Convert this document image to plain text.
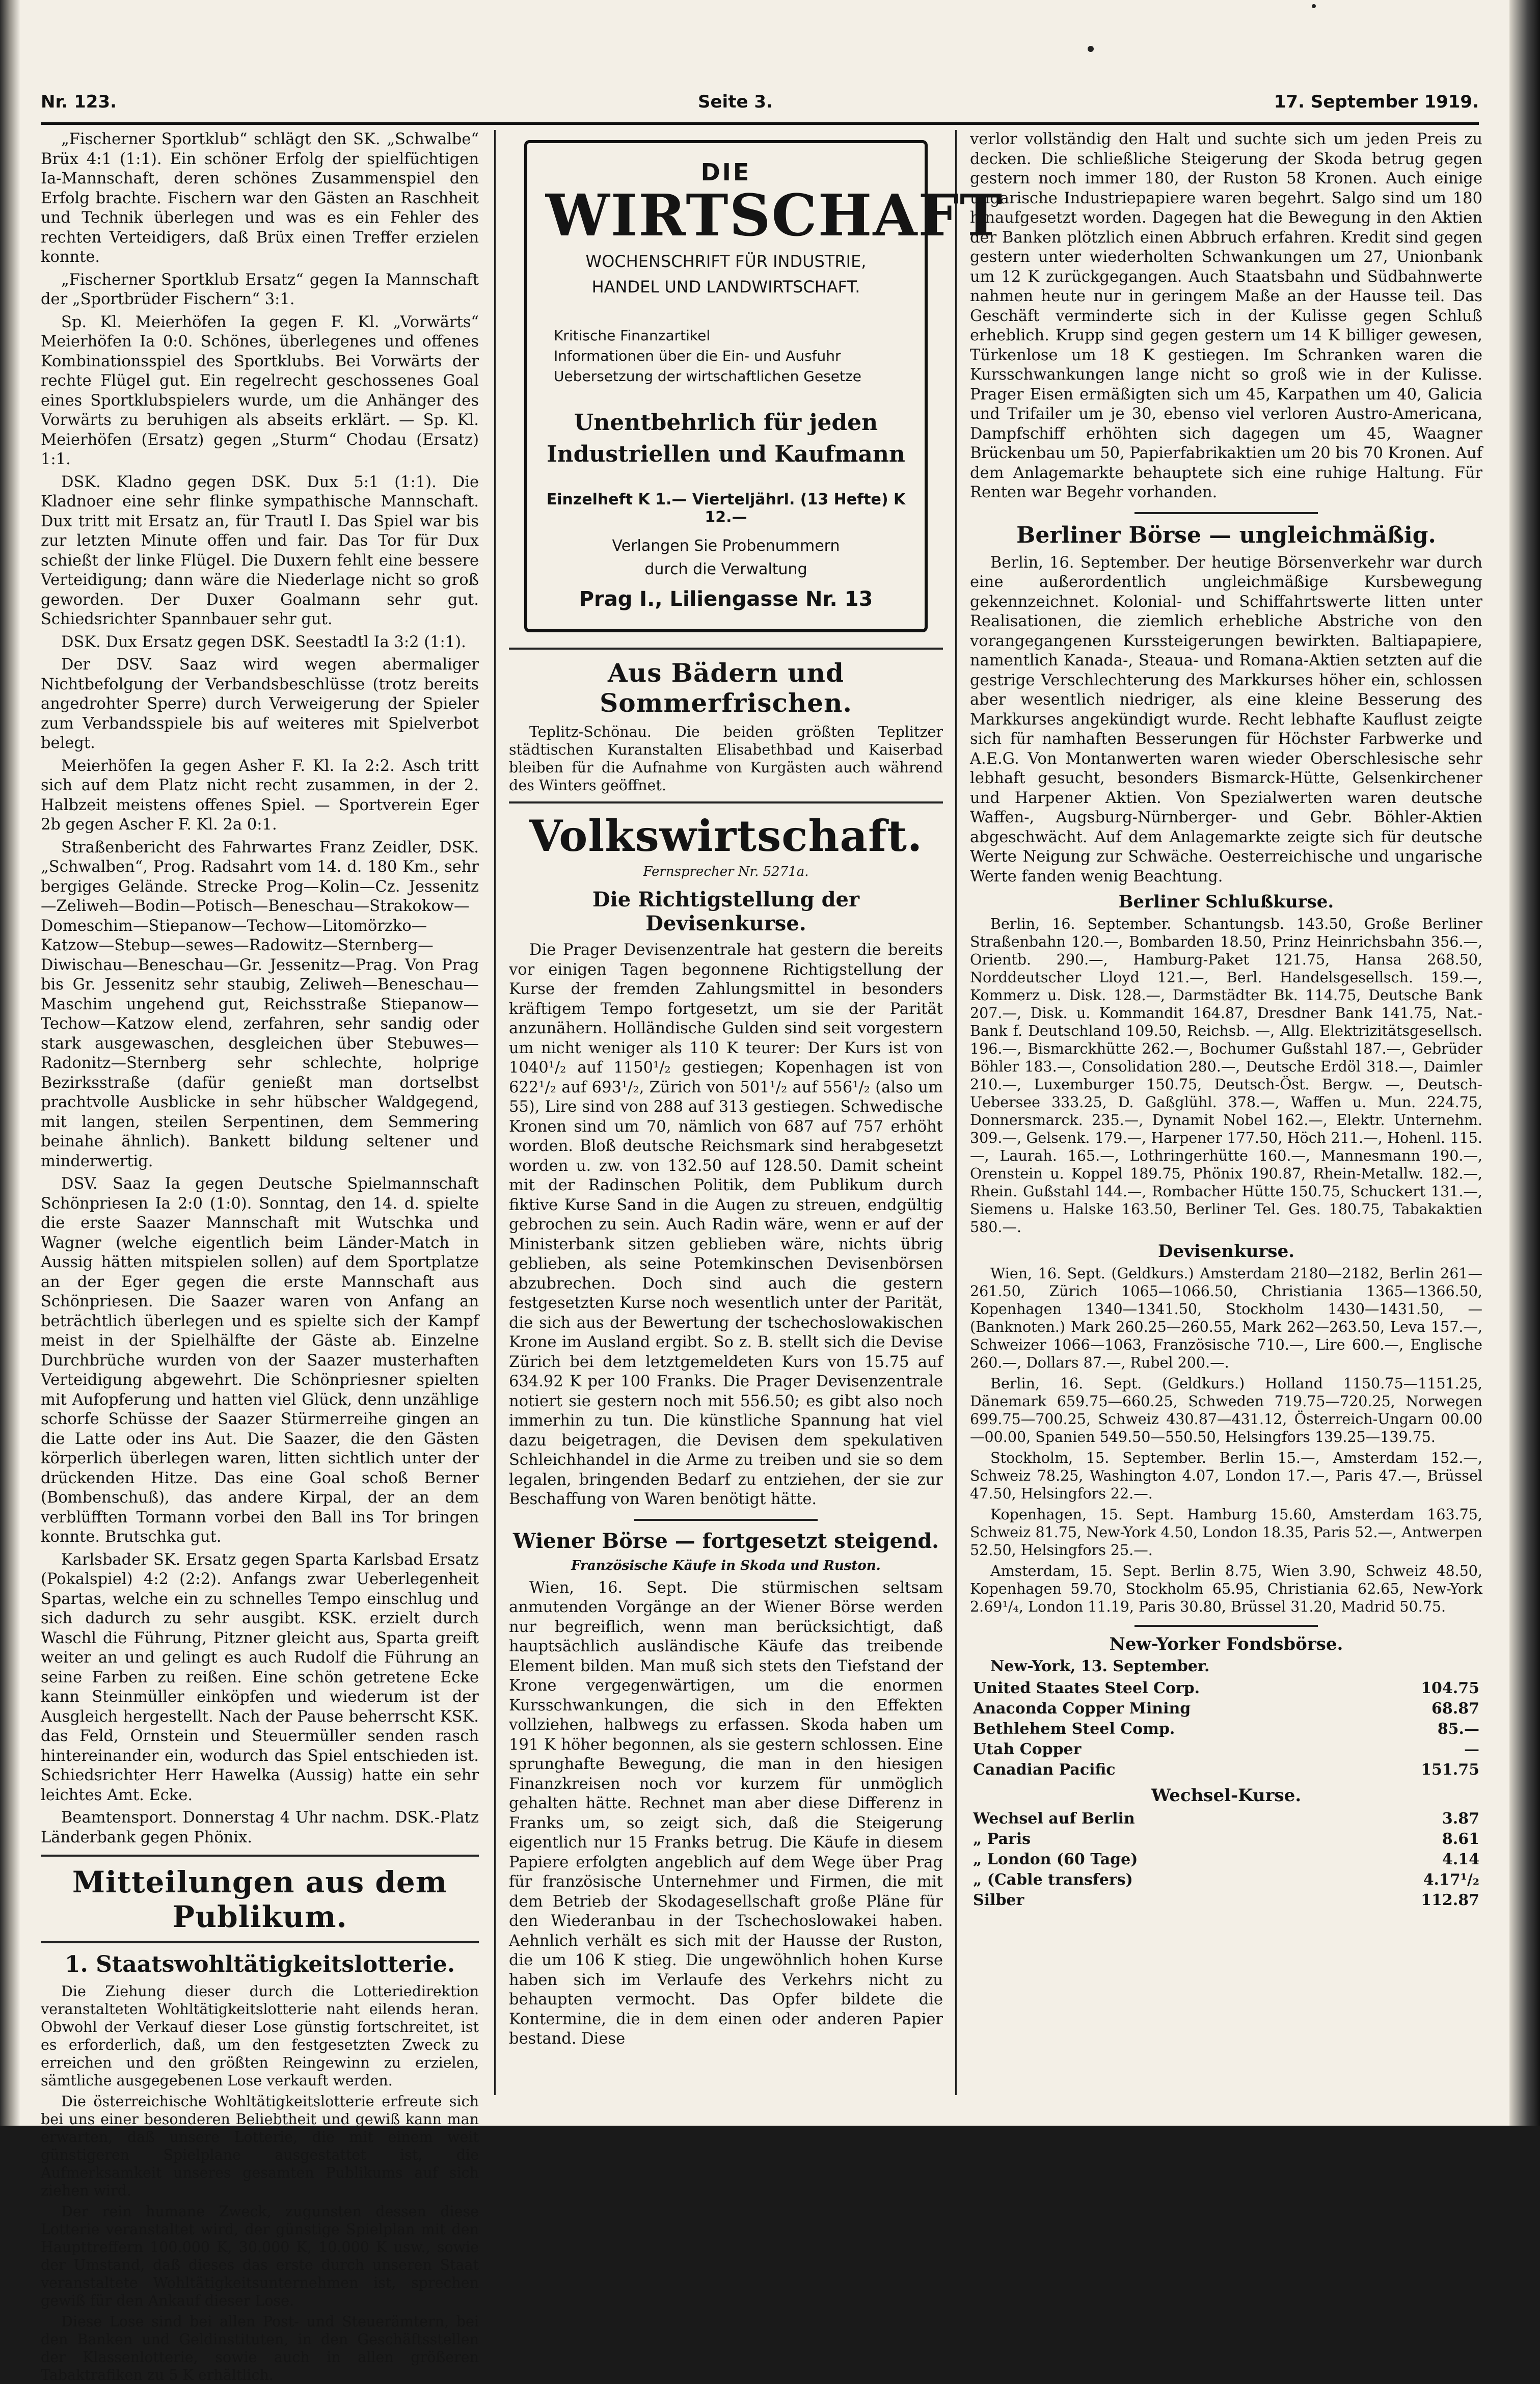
Nr. 123.	Seite 3.	17. September 1919.

„Fischerner Sportklub“ schlägt den SK. „Schwalbe“ Brüx 4:1 (1:1). Ein schöner Erfolg der spielfüchtigen Ia-Mannschaft, deren schönes Zusammenspiel den Erfolg brachte. Fischern war den Gästen an Raschheit und Technik überlegen und was es ein Fehler des rechten Verteidigers, daß Brüx einen Treffer erzielen konnte.

„Fischerner Sportklub Ersatz“ gegen Ia Mannschaft der „Sportbrüder Fischern“ 3:1.

Sp. Kl. Meierhöfen Ia gegen F. Kl. „Vorwärts“ Meierhöfen Ia 0:0. Schönes, überlegenes und offenes Kombinationsspiel des Sportklubs. Bei Vorwärts der rechte Flügel gut. Ein regelrecht geschossenes Goal eines Sportklubspielers wurde, um die Anhänger des Vorwärts zu beruhigen als abseits erklärt. — Sp. Kl. Meierhöfen (Ersatz) gegen „Sturm“ Chodau (Ersatz) 1:1.

DSK. Kladno gegen DSK. Dux 5:1 (1:1). Die Kladnoer eine sehr flinke sympathische Mannschaft. Dux tritt mit Ersatz an, für Trautl I. Das Spiel war bis zur letzten Minute offen und fair. Das Tor für Dux schießt der linke Flügel. Die Duxern fehlt eine bessere Verteidigung; dann wäre die Niederlage nicht so groß geworden. Der Duxer Goalmann sehr gut. Schiedsrichter Spannbauer sehr gut.

DSK. Dux Ersatz gegen DSK. Seestadtl Ia 3:2 (1:1).

Der DSV. Saaz wird wegen abermaliger Nichtbefolgung der Verbandsbeschlüsse (trotz bereits angedrohter Sperre) durch Verweigerung der Spieler zum Verbandsspiele bis auf weiteres mit Spielverbot belegt.

Meierhöfen Ia gegen Asher F. Kl. Ia 2:2. Asch tritt sich auf dem Platz nicht recht zusammen, in der 2. Halbzeit meistens offenes Spiel. — Sportverein Eger 2b gegen Ascher F. Kl. 2a 0:1.

Straßenbericht des Fahrwartes Franz Zeidler, DSK. „Schwalben“, Prog. Radsahrt vom 14. d. 180 Km., sehr bergiges Gelände. Strecke Prog—Kolin—Cz. Jessenitz—Zeliweh—Bodin—Potisch—Beneschau—Strakokow—Domeschim—Stiepanow—Techow—Litomörzko—Katzow—Stebup—sewes—Radowitz—Sternberg—Diwischau—Beneschau—Gr. Jessenitz—Prag. Von Prag bis Gr. Jessenitz sehr staubig, Zeliweh—Beneschau—Maschim ungehend gut, Reichsstraße Stiepanow—Techow—Katzow elend, zerfahren, sehr sandig oder stark ausgewaschen, desgleichen über Stebuwes—Radonitz—Sternberg sehr schlechte, holprige Bezirksstraße (dafür genießt man dortselbst prachtvolle Ausblicke in sehr hübscher Waldgegend, mit langen, steilen Serpentinen, dem Semmering beinahe ähnlich). Bankett bildung seltener und minderwertig.

DSV. Saaz Ia gegen Deutsche Spielmannschaft Schönpriesen Ia 2:0 (1:0). Sonntag, den 14. d. spielte die erste Saazer Mannschaft mit Wutschka und Wagner (welche eigentlich beim Länder-Match in Aussig hätten mitspielen sollen) auf dem Sportplatze an der Eger gegen die erste Mannschaft aus Schönpriesen. Die Saazer waren von Anfang an beträchtlich überlegen und es spielte sich der Kampf meist in der Spielhälfte der Gäste ab. Einzelne Durchbrüche wurden von der Saazer musterhaften Verteidigung abgewehrt. Die Schönpriesner spielten mit Aufopferung und hatten viel Glück, denn unzählige schorfe Schüsse der Saazer Stürmerreihe gingen an die Latte oder ins Aut. Die Saazer, die den Gästen körperlich überlegen waren, litten sichtlich unter der drückenden Hitze. Das eine Goal schoß Berner (Bombenschuß), das andere Kirpal, der an dem verblüfften Tormann vorbei den Ball ins Tor bringen konnte. Brutschka gut.

Karlsbader SK. Ersatz gegen Sparta Karlsbad Ersatz (Pokalspiel) 4:2 (2:2). Anfangs zwar Ueberlegenheit Spartas, welche ein zu schnelles Tempo einschlug und sich dadurch zu sehr ausgibt. KSK. erzielt durch Waschl die Führung, Pitzner gleicht aus, Sparta greift weiter an und gelingt es auch Rudolf die Führung an seine Farben zu reißen. Eine schön getretene Ecke kann Steinmüller einköpfen und wiederum ist der Ausgleich hergestellt. Nach der Pause beherrscht KSK. das Feld, Ornstein und Steuermüller senden rasch hintereinander ein, wodurch das Spiel entschieden ist. Schiedsrichter Herr Hawelka (Aussig) hatte ein sehr leichtes Amt. Ecke.

Beamtensport. Donnerstag 4 Uhr nachm. DSK.-Platz Länderbank gegen Phönix.

Mitteilungen aus dem Publikum.
1. Staatswohltätigkeitslotterie.

Die Ziehung dieser durch die Lotteriedirektion veranstalteten Wohltätigkeitslotterie naht eilends heran. Obwohl der Verkauf dieser Lose günstig fortschreitet, ist es erforderlich, daß, um den festgesetzten Zweck zu erreichen und den größten Reingewinn zu erzielen, sämtliche ausgegebenen Lose verkauft werden.

Die österreichische Wohltätigkeitslotterie erfreute sich bei uns einer besonderen Beliebtheit und gewiß kann man erwarten, daß unsere Lotterie, die mit einem weit günstigeren Spielplane ausgestattet ist, die Aufmerksamkeit unseres gesamten Publikums auf sich ziehen wird.

Der rein humane Zweck, zugunsten dessen diese Lotterie veranstaltet wird, der günstige Spielplan mit den Haupttreffern 100.000 K, 30.000 K, 10.000 K usw., sowie der Umstand, daß dieses das erste durch unseren Staat veranstaltete Wohltätigkeitsunternehmen ist, sprechen gewiß für den Ankauf dieser Lose.

Diese Lose sind bei allen Post- und Steuerämtern, bei den Banken und Geldinstituten, in den Geschäftsstellen der Klassenlotterie, sowie auch in allen größeren Tabaktrafiken zu 5 K erhältlich.

DIE
WIRTSCHAFT
WOCHENSCHRIFT FÜR INDUSTRIE,
HANDEL UND LANDWIRTSCHAFT.
Kritische Finanzartikel
Informationen über die Ein- und Ausfuhr
Uebersetzung der wirtschaftlichen Gesetze
Unentbehrlich für jeden Industriellen und Kaufmann
Einzelheft K 1.— Vierteljährl. (13 Hefte) K 12.—
Verlangen Sie Probenummern
durch die Verwaltung
Prag I., Liliengasse Nr. 13
Aus Bädern und Sommerfrischen.

Teplitz-Schönau. Die beiden größten Teplitzer städtischen Kuranstalten Elisabethbad und Kaiserbad bleiben für die Aufnahme von Kurgästen auch während des Winters geöffnet.

Volkswirtschaft.
Fernsprecher Nr. 5271a.
Die Richtigstellung der Devisenkurse.

Die Prager Devisenzentrale hat gestern die bereits vor einigen Tagen begonnene Richtigstellung der Kurse der fremden Zahlungsmittel in besonders kräftigem Tempo fortgesetzt, um sie der Parität anzunähern. Holländische Gulden sind seit vorgestern um nicht weniger als 110 K teurer: Der Kurs ist von 1040¹/₂ auf 1150¹/₂ gestiegen; Kopenhagen ist von 622¹/₂ auf 693¹/₂, Zürich von 501¹/₂ auf 556¹/₂ (also um 55), Lire sind von 288 auf 313 gestiegen. Schwedische Kronen sind um 70, nämlich von 687 auf 757 erhöht worden. Bloß deutsche Reichsmark sind herabgesetzt worden u. zw. von 132.50 auf 128.50. Damit scheint mit der Radinschen Politik, dem Publikum durch fiktive Kurse Sand in die Augen zu streuen, endgültig gebrochen zu sein. Auch Radin wäre, wenn er auf der Ministerbank sitzen geblieben wäre, nichts übrig geblieben, als seine Potemkinschen Devisenbörsen abzubrechen. Doch sind auch die gestern festgesetzten Kurse noch wesentlich unter der Parität, die sich aus der Bewertung der tschechoslowakischen Krone im Ausland ergibt. So z. B. stellt sich die Devise Zürich bei dem letztgemeldeten Kurs von 15.75 auf 634.92 K per 100 Franks. Die Prager Devisenzentrale notiert sie gestern noch mit 556.50; es gibt also noch immerhin zu tun. Die künstliche Spannung hat viel dazu beigetragen, die Devisen dem spekulativen Schleichhandel in die Arme zu treiben und sie so dem legalen, bringenden Bedarf zu entziehen, der sie zur Beschaffung von Waren benötigt hätte.

Wiener Börse — fortgesetzt steigend.
Französische Käufe in Skoda und Ruston.

Wien, 16. Sept. Die stürmischen seltsam anmutenden Vorgänge an der Wiener Börse werden nur begreiflich, wenn man berücksichtigt, daß hauptsächlich ausländische Käufe das treibende Element bilden. Man muß sich stets den Tiefstand der Krone vergegenwärtigen, um die enormen Kursschwankungen, die sich in den Effekten vollziehen, halbwegs zu erfassen. Skoda haben um 191 K höher begonnen, als sie gestern schlossen. Eine sprunghafte Bewegung, die man in den hiesigen Finanzkreisen noch vor kurzem für unmöglich gehalten hätte. Rechnet man aber diese Differenz in Franks um, so zeigt sich, daß die Steigerung eigentlich nur 15 Franks betrug. Die Käufe in diesem Papiere erfolgten angeblich auf dem Wege über Prag für französische Unternehmer und Firmen, die mit dem Betrieb der Skodagesellschaft große Pläne für den Wiederanbau in der Tschechoslowakei haben. Aehnlich verhält es sich mit der Hausse der Ruston, die um 106 K stieg. Die ungewöhnlich hohen Kurse haben sich im Verlaufe des Verkehrs nicht zu behaupten vermocht. Das Opfer bildete die Kontermine, die in dem einen oder anderen Papier bestand. Diese

verlor vollständig den Halt und suchte sich um jeden Preis zu decken. Die schließliche Steigerung der Skoda betrug gegen gestern noch immer 180, der Ruston 58 Kronen. Auch einige ungarische Industriepapiere waren begehrt. Salgo sind um 180 hinaufgesetzt worden. Dagegen hat die Bewegung in den Aktien der Banken plötzlich einen Abbruch erfahren. Kredit sind gegen gestern unter wiederholten Schwankungen um 27, Unionbank um 12 K zurückgegangen. Auch Staatsbahn und Südbahnwerte nahmen heute nur in geringem Maße an der Hausse teil. Das Geschäft verminderte sich in der Kulisse gegen Schluß erheblich. Krupp sind gegen gestern um 14 K billiger gewesen, Türkenlose um 18 K gestiegen. Im Schranken waren die Kursschwankungen lange nicht so groß wie in der Kulisse. Prager Eisen ermäßigten sich um 45, Karpathen um 40, Galicia und Trifailer um je 30, ebenso viel verloren Austro-Americana, Dampfschiff erhöhten sich dagegen um 45, Waagner Brückenbau um 50, Papierfabrikaktien um 20 bis 70 Kronen. Auf dem Anlagemarkte behauptete sich eine ruhige Haltung. Für Renten war Begehr vorhanden.

Berliner Börse — ungleichmäßig.

Berlin, 16. September. Der heutige Börsenverkehr war durch eine außerordentlich ungleichmäßige Kursbewegung gekennzeichnet. Kolonial- und Schiffahrtswerte litten unter Realisationen, die ziemlich erhebliche Abstriche von den vorangegangenen Kurssteigerungen bewirkten. Baltiapapiere, namentlich Kanada-, Steaua- und Romana-Aktien setzten auf die gestrige Verschlechterung des Markkurses höher ein, schlossen aber wesentlich niedriger, als eine kleine Besserung des Markkurses angekündigt wurde. Recht lebhafte Kauflust zeigte sich für namhaften Besserungen für Höchster Farbwerke und A.E.G. Von Montanwerten waren wieder Oberschlesische sehr lebhaft gesucht, besonders Bismarck-Hütte, Gelsenkirchener und Harpener Aktien. Von Spezialwerten waren deutsche Waffen-, Augsburg-Nürnberger- und Gebr. Böhler-Aktien abgeschwächt. Auf dem Anlagemarkte zeigte sich für deutsche Werte Neigung zur Schwäche. Oesterreichische und ungarische Werte fanden wenig Beachtung.

Berliner Schlußkurse.

Berlin, 16. September. Schantungsb. 143.50, Große Berliner Straßenbahn 120.—, Bombarden 18.50, Prinz Heinrichsbahn 356.—, Orientb. 290.—, Hamburg-Paket 121.75, Hansa 268.50, Norddeutscher Lloyd 121.—, Berl. Handelsgesellsch. 159.—, Kommerz u. Disk. 128.—, Darmstädter Bk. 114.75, Deutsche Bank 207.—, Disk. u. Kommandit 164.87, Dresdner Bank 141.75, Nat.-Bank f. Deutschland 109.50, Reichsb. —, Allg. Elektrizitätsgesellsch. 196.—, Bismarckhütte 262.—, Bochumer Gußstahl 187.—, Gebrüder Böhler 183.—, Consolidation 280.—, Deutsche Erdöl 318.—, Daimler 210.—, Luxemburger 150.75, Deutsch-Öst. Bergw. —, Deutsch-Uebersee 333.25, D. Gaßglühl. 378.—, Waffen u. Mun. 224.75, Donnersmarck. 235.—, Dynamit Nobel 162.—, Elektr. Unternehm. 309.—, Gelsenk. 179.—, Harpener 177.50, Höch 211.—, Hohenl. 115.—, Laurah. 165.—, Lothringerhütte 160.—, Mannesmann 190.—, Orenstein u. Koppel 189.75, Phönix 190.87, Rhein-Metallw. 182.—, Rhein. Gußstahl 144.—, Rombacher Hütte 150.75, Schuckert 131.—, Siemens u. Halske 163.50, Berliner Tel. Ges. 180.75, Tabakaktien 580.—.

Devisenkurse.

Wien, 16. Sept. (Geldkurs.) Amsterdam 2180—2182, Berlin 261—261.50, Zürich 1065—1066.50, Christiania 1365—1366.50, Kopenhagen 1340—1341.50, Stockholm 1430—1431.50, — (Banknoten.) Mark 260.25—260.55, Mark 262—263.50, Leva 157.—, Schweizer 1066—1063, Französische 710.—, Lire 600.—, Englische 260.—, Dollars 87.—, Rubel 200.—.

Berlin, 16. Sept. (Geldkurs.) Holland 1150.75—1151.25, Dänemark 659.75—660.25, Schweden 719.75—720.25, Norwegen 699.75—700.25, Schweiz 430.87—431.12, Österreich-Ungarn 00.00—00.00, Spanien 549.50—550.50, Helsingfors 139.25—139.75.

Stockholm, 15. September. Berlin 15.—, Amsterdam 152.—, Schweiz 78.25, Washington 4.07, London 17.—, Paris 47.—, Brüssel 47.50, Helsingfors 22.—.

Kopenhagen, 15. Sept. Hamburg 15.60, Amsterdam 163.75, Schweiz 81.75, New-York 4.50, London 18.35, Paris 52.—, Antwerpen 52.50, Helsingfors 25.—.

Amsterdam, 15. Sept. Berlin 8.75, Wien 3.90, Schweiz 48.50, Kopenhagen 59.70, Stockholm 65.95, Christiania 62.65, New-York 2.69¹/₄, London 11.19, Paris 30.80, Brüssel 31.20, Madrid 50.75.

New-Yorker Fondsbörse.
New-York, 13. September.
United Staates Steel Corp.	104.75
Anaconda Copper Mining	68.87
Bethlehem Steel Comp.	85.—
Utah Copper	—
Canadian Pacific	151.75
Wechsel-Kurse.
Wechsel auf Berlin	3.87
„ Paris	8.61
„ London (60 Tage)	4.14
„ (Cable transfers)	4.17¹/₂
Silber	112.87
